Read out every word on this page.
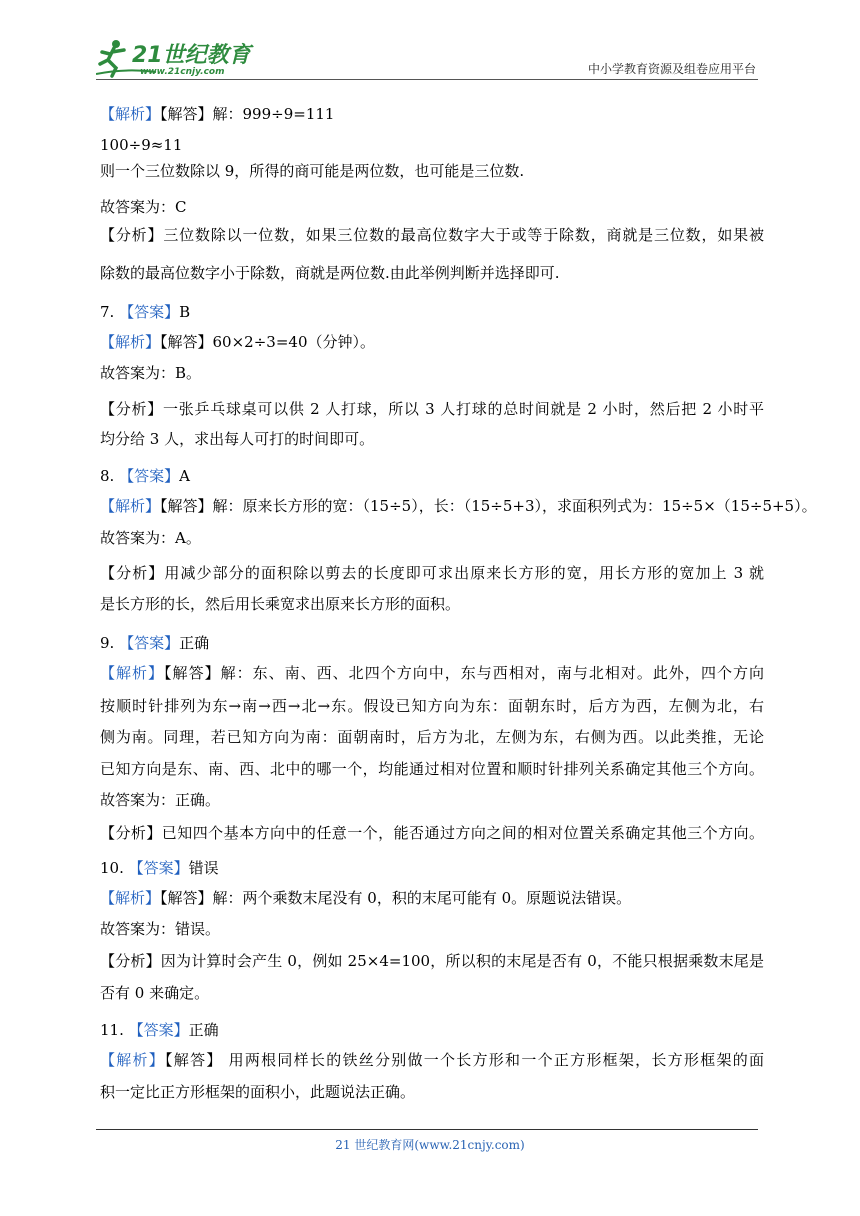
21世纪教育
www.21cnjy.com	中小学教育资源及组卷应用平台
【解析】【解答】解：999÷9=111
100÷9≈11
则一个三位数除以 9，所得的商可能是两位数，也可能是三位数.
故答案为：C
【分析】三位数除以一位数，如果三位数的最高位数字大于或等于除数，商就是三位数，如果被
除数的最高位数字小于除数，商就是两位数.由此举例判断并选择即可.
7. 【答案】B
【解析】【解答】60×2÷3=40（分钟）。
故答案为：B。
【分析】一张乒乓球桌可以供 2 人打球，所以 3 人打球的总时间就是 2 小时，然后把 2 小时平
均分给 3 人，求出每人可打的时间即可。
8. 【答案】A
【解析】【解答】解：原来长方形的宽：（15÷5），长：（15÷5+3），求面积列式为：15÷5×（15÷5+5）。
故答案为：A。
【分析】用减少部分的面积除以剪去的长度即可求出原来长方形的宽，用长方形的宽加上 3 就
是长方形的长，然后用长乘宽求出原来长方形的面积。
9. 【答案】正确
【解析】【解答】解：东、南、西、北四个方向中，东与西相对，南与北相对。此外，四个方向
按顺时针排列为东→南→西→北→东。假设已知方向为东：面朝东时，后方为西，左侧为北，右
侧为南。同理，若已知方向为南：面朝南时，后方为北，左侧为东，右侧为西。以此类推，无论
已知方向是东、南、西、北中的哪一个，均能通过相对位置和顺时针排列关系确定其他三个方向。
故答案为：正确。
【分析】已知四个基本方向中的任意一个，能否通过方向之间的相对位置关系确定其他三个方向。
10. 【答案】错误
【解析】【解答】解：两个乘数末尾没有 0，积的末尾可能有 0。原题说法错误。
故答案为：错误。
【分析】因为计算时会产生 0，例如 25×4=100，所以积的末尾是否有 0，不能只根据乘数末尾是
否有 0 来确定。
11. 【答案】正确
【解析】【解答】 用两根同样长的铁丝分别做一个长方形和一个正方形框架，长方形框架的面
积一定比正方形框架的面积小，此题说法正确。
21 世纪教育网(www.21cnjy.com)
